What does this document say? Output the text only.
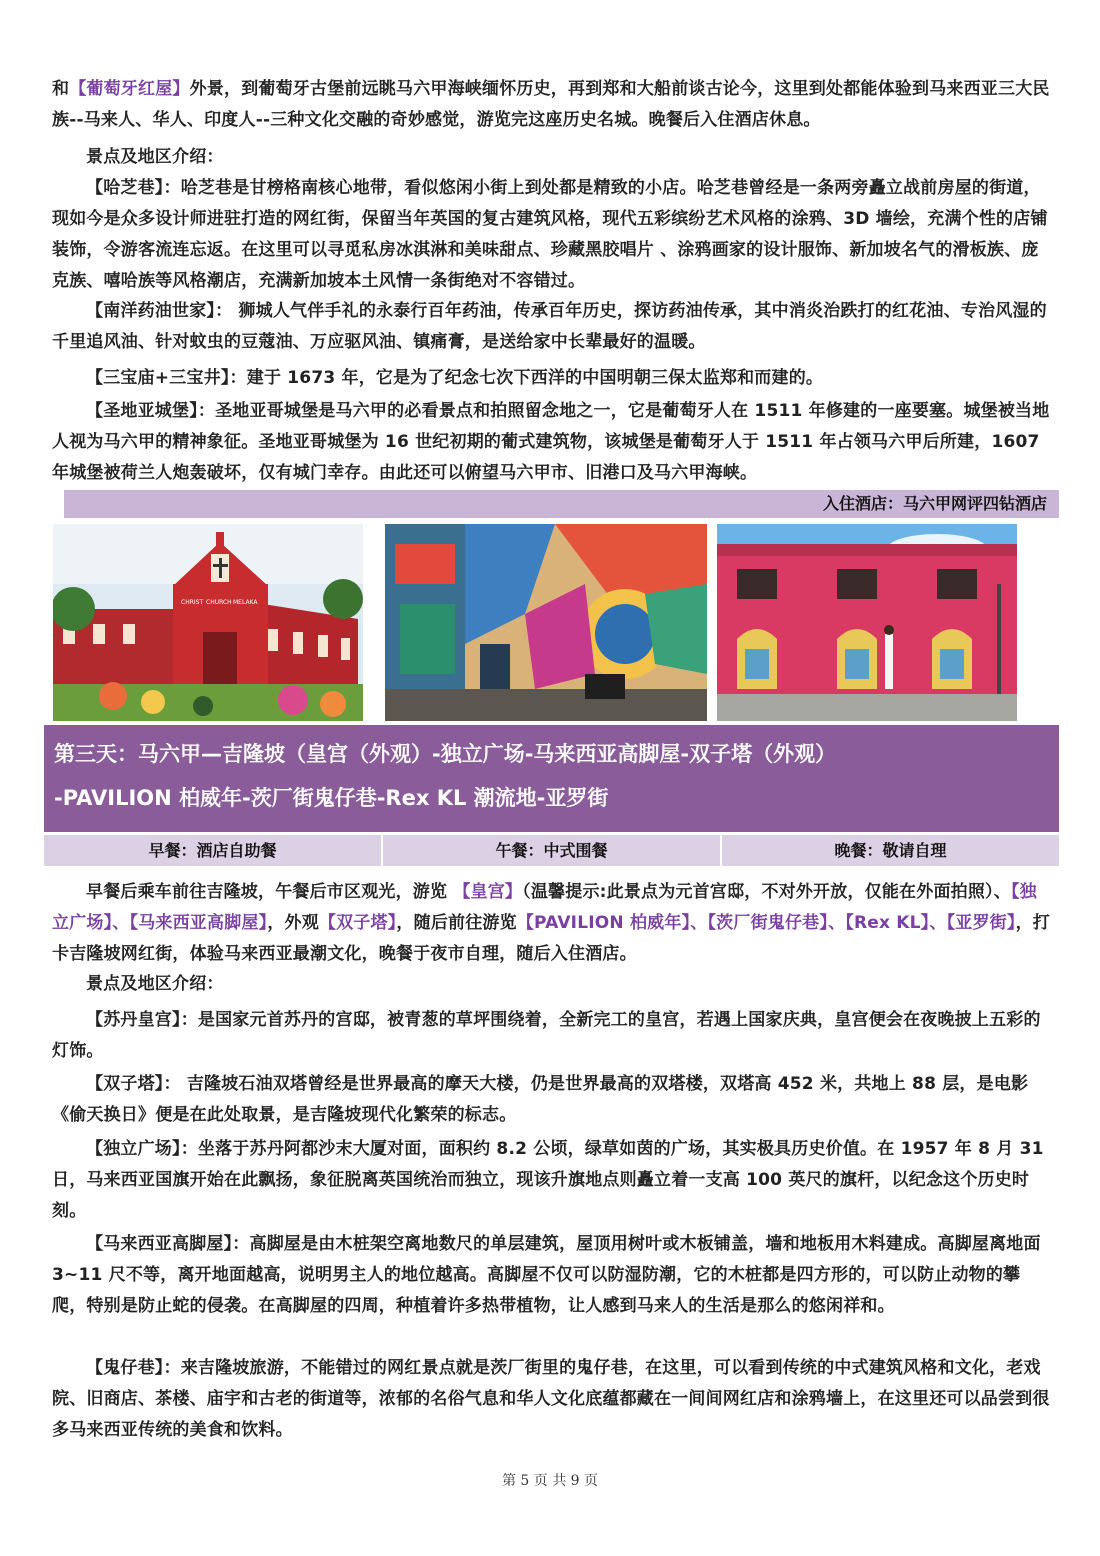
和【葡萄牙红屋】外景，到葡萄牙古堡前远眺马六甲海峡缅怀历史，再到郑和大船前谈古论今，这里到处都能体验到马来西亚三大民族--马来人、华人、印度人--三种文化交融的奇妙感觉，游览完这座历史名城。晚餐后入住酒店休息。

景点及地区介绍：

【哈芝巷】：哈芝巷是甘榜格南核心地带，看似悠闲小街上到处都是精致的小店。哈芝巷曾经是一条两旁矗立战前房屋的街道，现如今是众多设计师进驻打造的网红街，保留当年英国的复古建筑风格，现代五彩缤纷艺术风格的涂鸦、3D 墙绘，充满个性的店铺装饰，令游客流连忘返。在这里可以寻觅私房冰淇淋和美味甜点、珍藏黑胶唱片 、涂鸦画家的设计服饰、新加坡名气的滑板族、庞克族、嘻哈族等风格潮店，充满新加坡本土风情一条街绝对不容错过。

【南洋药油世家】： 狮城人气伴手礼的永泰行百年药油，传承百年历史，探访药油传承，其中消炎治跌打的红花油、专治风湿的千里追风油、针对蚊虫的豆蔻油、万应驱风油、镇痛膏，是送给家中长辈最好的温暖。

【三宝庙+三宝井】：建于 1673 年，它是为了纪念七次下西洋的中国明朝三保太监郑和而建的。

【圣地亚城堡】：圣地亚哥城堡是马六甲的必看景点和拍照留念地之一，它是葡萄牙人在 1511 年修建的一座要塞。城堡被当地人视为马六甲的精神象征。圣地亚哥城堡为 16 世纪初期的葡式建筑物，该城堡是葡萄牙人于 1511 年占领马六甲后所建，1607 年城堡被荷兰人炮轰破坏，仅有城门幸存。由此还可以俯望马六甲市、旧港口及马六甲海峡。

入住酒店：马六甲网评四钻酒店
CHRIST CHURCH MELAKA
第三天：马六甲—吉隆坡（皇宫（外观）-独立广场-马来西亚高脚屋-双子塔（外观）
-PAVILION 柏威年-茨厂街鬼仔巷-Rex KL 潮流地-亚罗街
早餐：酒店自助餐	午餐：中式围餐	晚餐：敬请自理

早餐后乘车前往吉隆坡，午餐后市区观光，游览 【皇宫】（温馨提示:此景点为元首宫邸，不对外开放，仅能在外面拍照）、【独立广场】、【马来西亚高脚屋】，外观【双子塔】，随后前往游览【PAVILION 柏威年】、【茨厂街鬼仔巷】、【Rex KL】、【亚罗街】，打卡吉隆坡网红街，体验马来西亚最潮文化，晚餐于夜市自理，随后入住酒店。

景点及地区介绍：

【苏丹皇宫】：是国家元首苏丹的宫邸，被青葱的草坪围绕着，全新完工的皇宫，若遇上国家庆典，皇宫便会在夜晚披上五彩的灯饰。

【双子塔】： 吉隆坡石油双塔曾经是世界最高的摩天大楼，仍是世界最高的双塔楼，双塔高 452 米，共地上 88 层，是电影《偷天换日》便是在此处取景，是吉隆坡现代化繁荣的标志。

【独立广场】：坐落于苏丹阿都沙末大厦对面，面积约 8.2 公顷，绿草如茵的广场，其实极具历史价值。在 1957 年 8 月 31 日，马来西亚国旗开始在此飘扬，象征脱离英国统治而独立，现该升旗地点则矗立着一支高 100 英尺的旗杆，以纪念这个历史时刻。

【马来西亚高脚屋】：高脚屋是由木桩架空离地数尺的单层建筑，屋顶用树叶或木板铺盖，墙和地板用木料建成。高脚屋离地面 3~11 尺不等，离开地面越高，说明男主人的地位越高。高脚屋不仅可以防湿防潮，它的木桩都是四方形的，可以防止动物的攀爬，特别是防止蛇的侵袭。在高脚屋的四周，种植着许多热带植物，让人感到马来人的生活是那么的悠闲祥和。

【鬼仔巷】：来吉隆坡旅游，不能错过的网红景点就是茨厂街里的鬼仔巷，在这里，可以看到传统的中式建筑风格和文化，老戏院、旧商店、茶楼、庙宇和古老的街道等，浓郁的名俗气息和华人文化底蕴都藏在一间间网红店和涂鸦墙上，在这里还可以品尝到很多马来西亚传统的美食和饮料。

第 5 页 共 9 页
